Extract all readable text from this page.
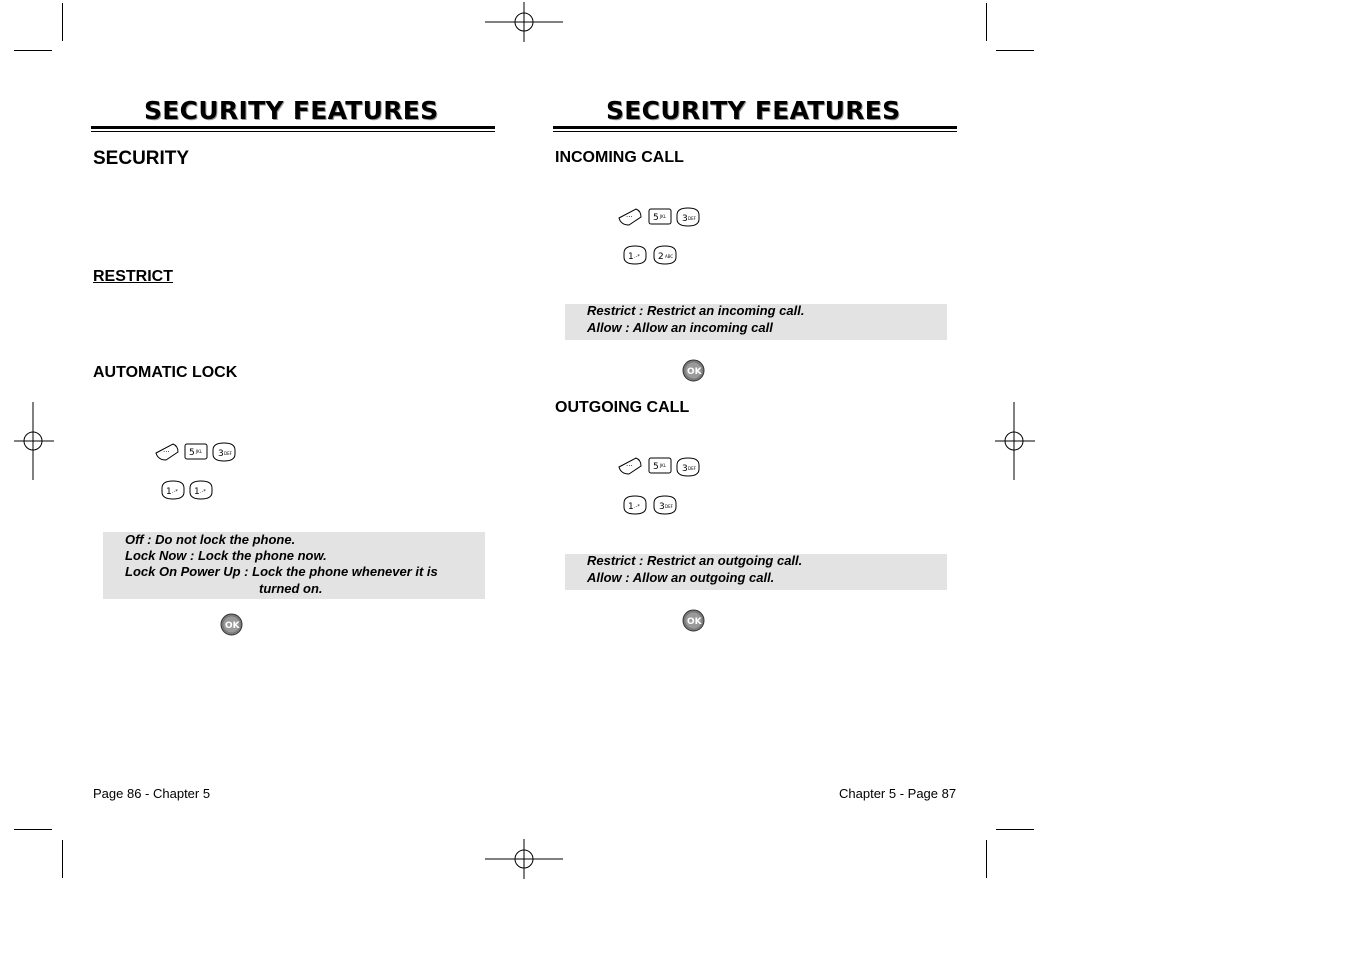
SECURITY FEATURES
SECURITY
RESTRICT
AUTOMATIC LOCK
··· 5 JKL 3 DEF
1 .-* 1 .-*
Off : Do not lock the phone.
Lock Now : Lock the phone now.
Lock On Power Up : Lock the phone whenever it is
turned on.
OK
Page 86 - Chapter 5
SECURITY FEATURES
INCOMING CALL
··· 5 JKL 3 DEF
1 .-* 2 ABC
Restrict : Restrict an incoming call.
Allow : Allow an incoming call
OK
OUTGOING CALL
··· 5 JKL 3 DEF
1 .-* 3 DEF
Restrict : Restrict an outgoing call.
Allow : Allow an outgoing call.
OK
Chapter 5 - Page 87
